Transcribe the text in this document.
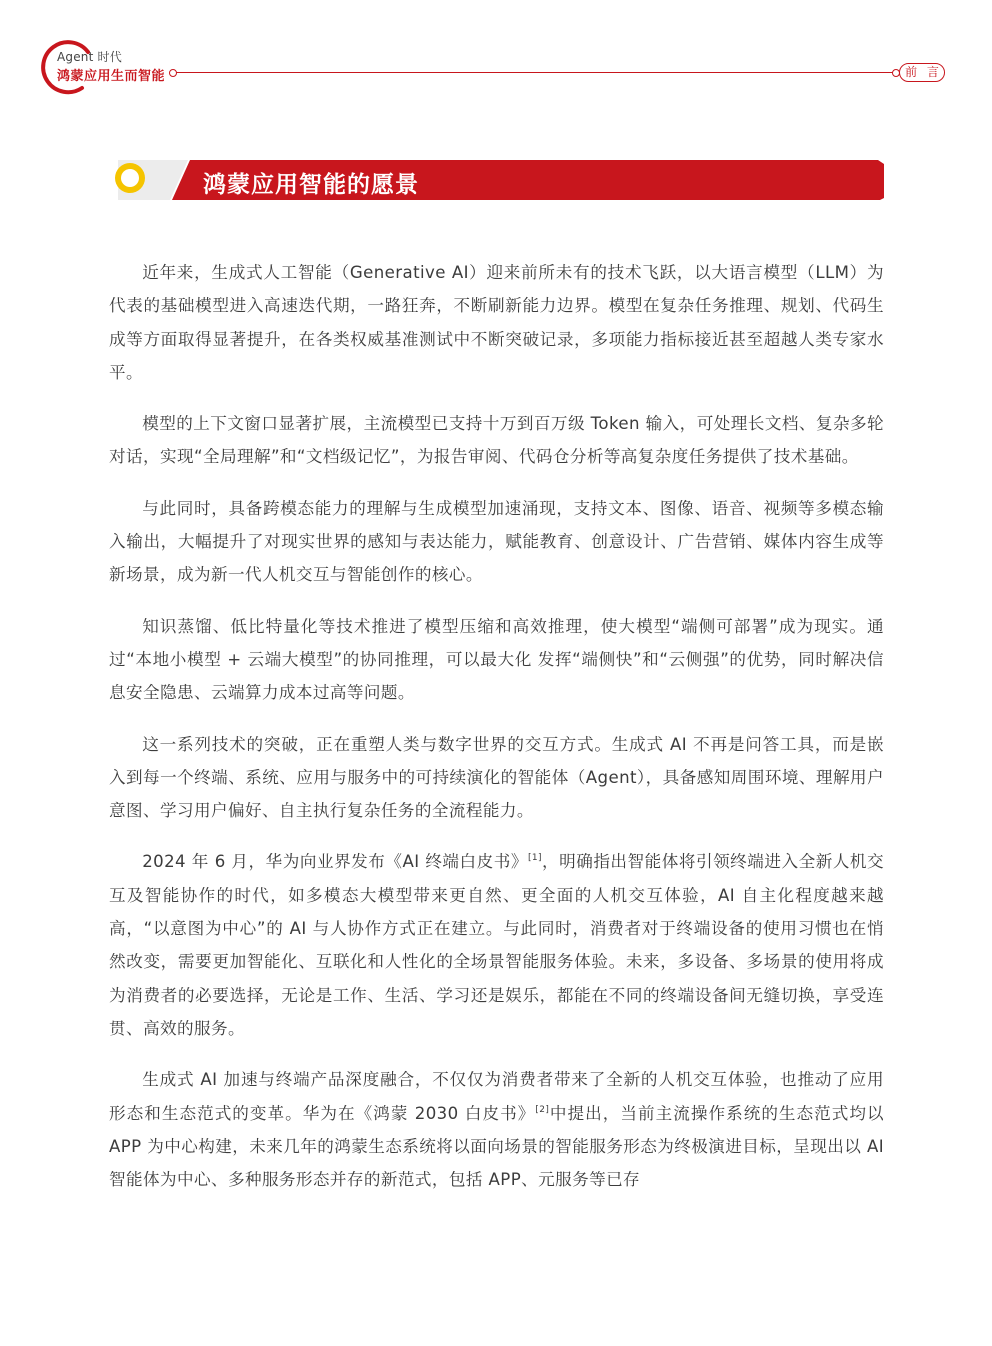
Agent 时代
鸿蒙应用生而智能	前 言
鸿蒙应用智能的愿景

近年来，生成式人工智能（Generative AI）迎来前所未有的技术飞跃，以大语言模型（LLM）为代表的基础模型进入高速迭代期，一路狂奔，不断刷新能力边界。模型在复杂任务推理、规划、代码生成等方面取得显著提升，在各类权威基准测试中不断突破记录，多项能力指标接近甚至超越人类专家水平。

模型的上下文窗口显著扩展，主流模型已支持十万到百万级 Token 输入，可处理长文档、复杂多轮对话，实现“全局理解”和“文档级记忆”，为报告审阅、代码仓分析等高复杂度任务提供了技术基础。

与此同时，具备跨模态能力的理解与生成模型加速涌现，支持文本、图像、语音、视频等多模态输入输出，大幅提升了对现实世界的感知与表达能力，赋能教育、创意设计、广告营销、媒体内容生成等新场景，成为新一代人机交互与智能创作的核心。

知识蒸馏、低比特量化等技术推进了模型压缩和高效推理，使大模型“端侧可部署”成为现实。通过“本地小模型 + 云端大模型”的协同推理，可以最大化 发挥“端侧快”和“云侧强”的优势，同时解决信息安全隐患、云端算力成本过高等问题。

这一系列技术的突破，正在重塑人类与数字世界的交互方式。生成式 AI 不再是问答工具，而是嵌入到每一个终端、系统、应用与服务中的可持续演化的智能体（Agent），具备感知周围环境、理解用户意图、学习用户偏好、自主执行复杂任务的全流程能力。

2024 年 6 月，华为向业界发布《AI 终端白皮书》[1]，明确指出智能体将引领终端进入全新人机交互及智能协作的时代，如多模态大模型带来更自然、更全面的人机交互体验，AI 自主化程度越来越高，“以意图为中心”的 AI 与人协作方式正在建立。与此同时，消费者对于终端设备的使用习惯也在悄然改变，需要更加智能化、互联化和人性化的全场景智能服务体验。未来，多设备、多场景的使用将成为消费者的必要选择，无论是工作、生活、学习还是娱乐，都能在不同的终端设备间无缝切换，享受连贯、高效的服务。

生成式 AI 加速与终端产品深度融合，不仅仅为消费者带来了全新的人机交互体验，也推动了应用形态和生态范式的变革。华为在《鸿蒙 2030 白皮书》[2]中提出，当前主流操作系统的生态范式均以 APP 为中心构建，未来几年的鸿蒙生态系统将以面向场景的智能服务形态为终极演进目标，呈现出以 AI 智能体为中心、多种服务形态并存的新范式，包括 APP、元服务等已存
